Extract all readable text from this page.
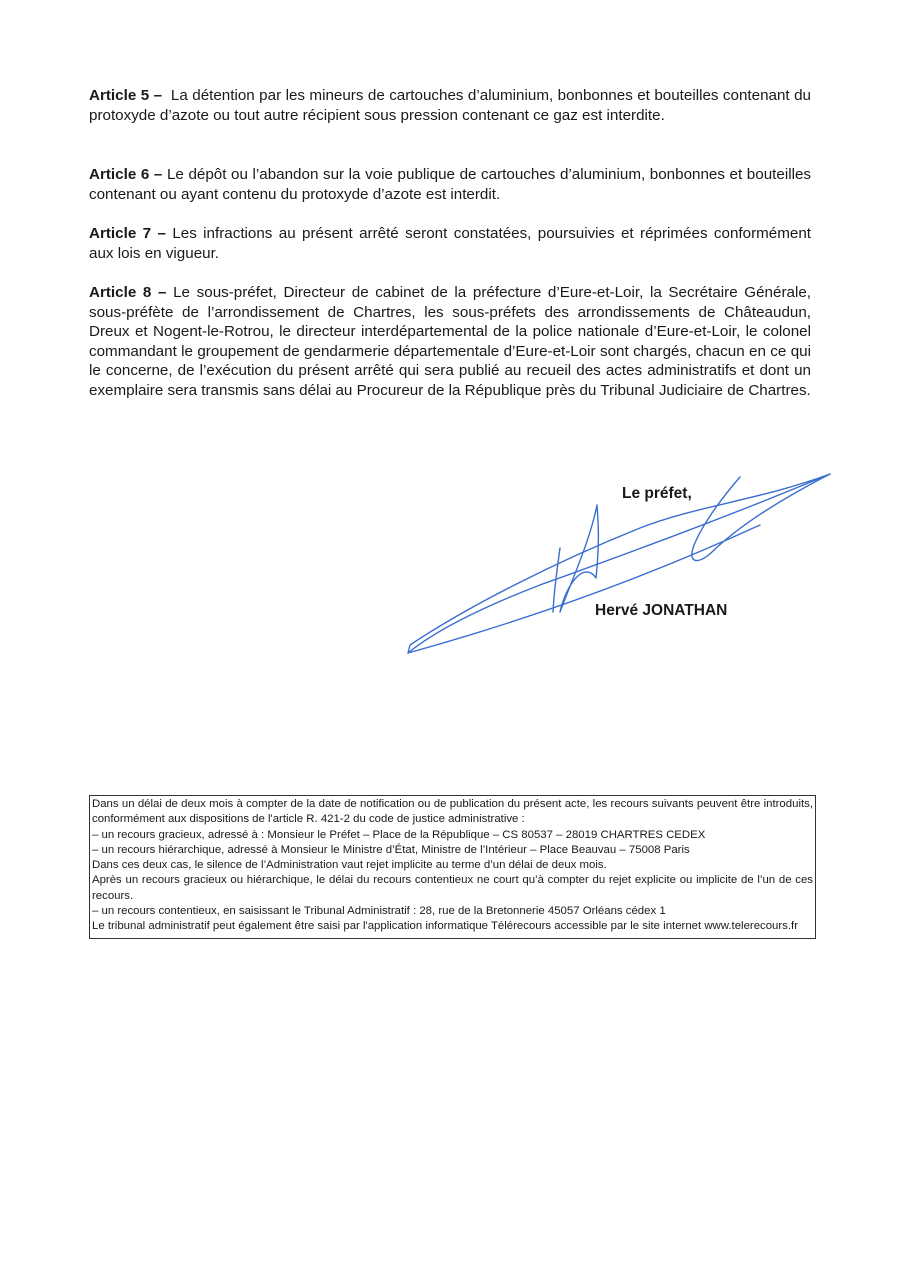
Article 5 – La détention par les mineurs de cartouches d’aluminium, bonbonnes et bouteilles contenant du protoxyde d’azote ou tout autre récipient sous pression contenant ce gaz est interdite.

Article 6 – Le dépôt ou l’abandon sur la voie publique de cartouches d’aluminium, bonbonnes et bouteilles contenant ou ayant contenu du protoxyde d’azote est interdit.

Article 7 – Les infractions au présent arrêté seront constatées, poursuivies et réprimées conformément aux lois en vigueur.

Article 8 – Le sous-préfet, Directeur de cabinet de la préfecture d’Eure-et-Loir, la Secrétaire Générale, sous-préfète de l’arrondissement de Chartres, les sous-préfets des arrondissements de Châteaudun, Dreux et Nogent-le-Rotrou, le directeur interdépartemental de la police nationale d’Eure-et-Loir, le colonel commandant le groupement de gendarmerie départementale d’Eure-et-Loir sont chargés, chacun en ce qui le concerne, de l’exécution du présent arrêté qui sera publié au recueil des actes administratifs et dont un exemplaire sera transmis sans délai au Procureur de la République près du Tribunal Judiciaire de Chartres.

Le préfet,
Hervé JONATHAN

Dans un délai de deux mois à compter de la date de notification ou de publication du présent acte, les recours suivants peuvent être introduits, conformément aux dispositions de l'article R. 421-2 du code de justice administrative :

– un recours gracieux, adressé à : Monsieur le Préfet – Place de la République – CS 80537 – 28019 CHARTRES CEDEX

– un recours hiérarchique, adressé à Monsieur le Ministre d’État, Ministre de l’Intérieur – Place Beauvau – 75008 Paris

Dans ces deux cas, le silence de l’Administration vaut rejet implicite au terme d’un délai de deux mois.

Après un recours gracieux ou hiérarchique, le délai du recours contentieux ne court qu’à compter du rejet explicite ou implicite de l’un de ces recours.

– un recours contentieux, en saisissant le Tribunal Administratif : 28, rue de la Bretonnerie 45057 Orléans cédex 1

Le tribunal administratif peut également être saisi par l'application informatique Télérecours accessible par le site internet www.telerecours.fr
